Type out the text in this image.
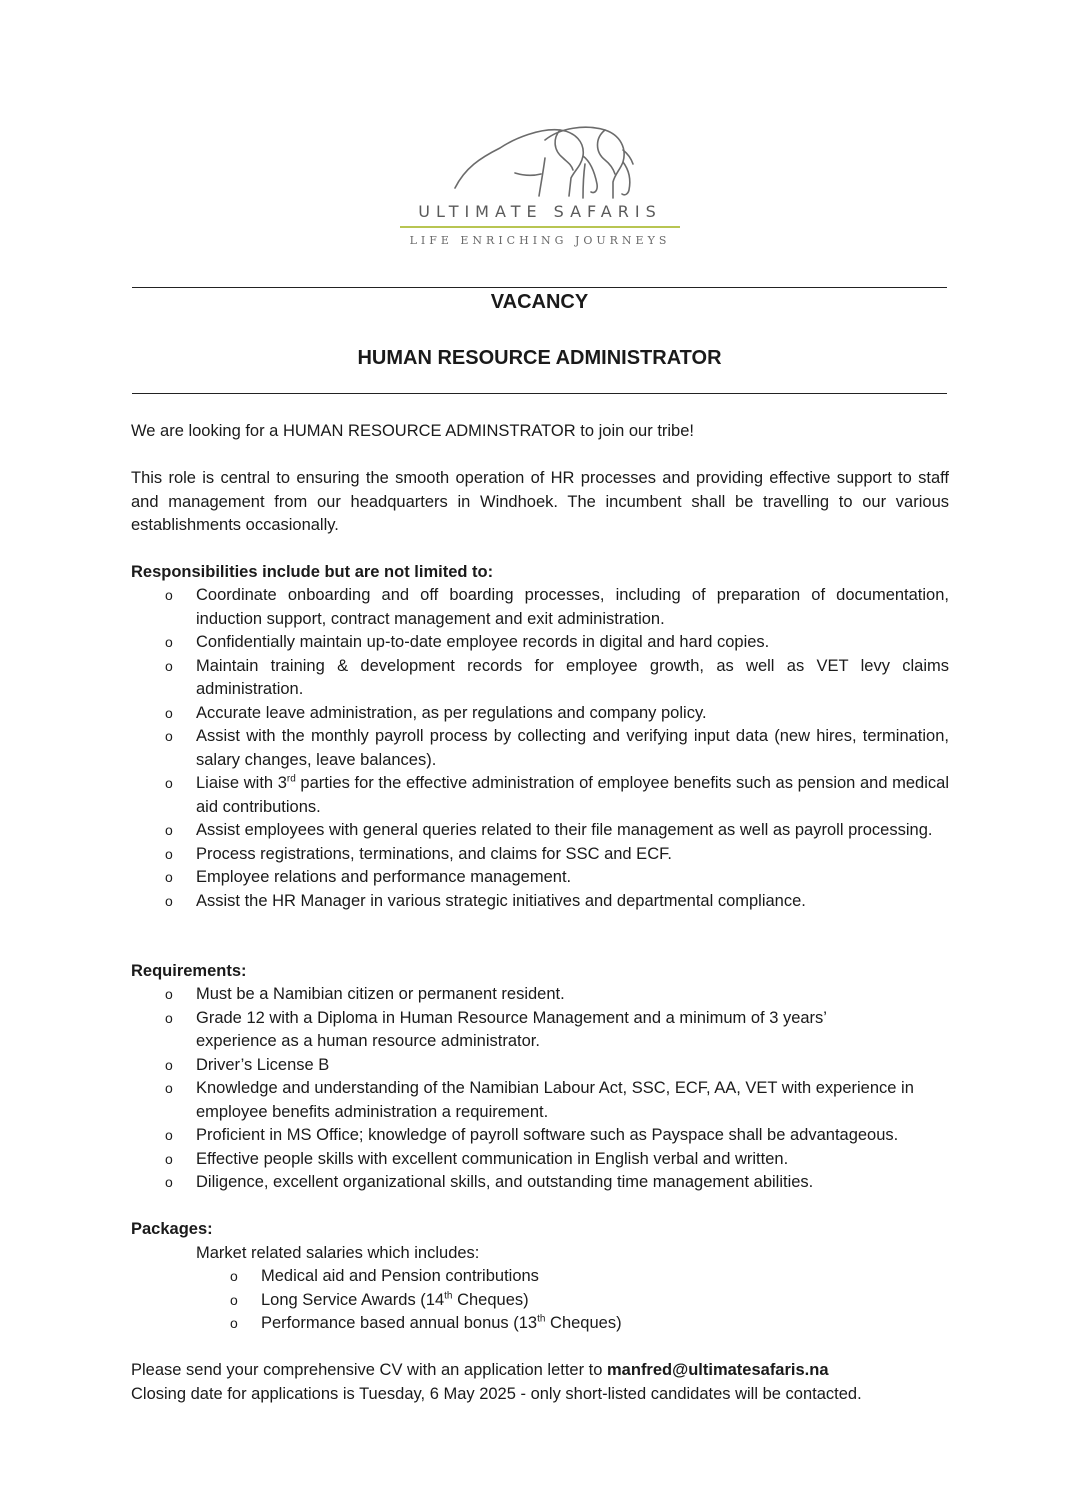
ULTIMATE SAFARIS
LIFE ENRICHING JOURNEYS
VACANCY
HUMAN RESOURCE ADMINISTRATOR

We are looking for a HUMAN RESOURCE ADMINSTRATOR to join our tribe!

This role is central to ensuring the smooth operation of HR processes and providing effective support to staff and management from our headquarters in Windhoek. The incumbent shall be travelling to our various establishments occasionally.

Responsibilities include but are not limited to:

o Coordinate onboarding and off boarding processes, including of preparation of documentation, induction support, contract management and exit administration.
o Confidentially maintain up-to-date employee records in digital and hard copies.
o Maintain training & development records for employee growth, as well as VET levy claims administration.
o Accurate leave administration, as per regulations and company policy.
o Assist with the monthly payroll process by collecting and verifying input data (new hires, termination, salary changes, leave balances).
o Liaise with 3rd parties for the effective administration of employee benefits such as pension and medical aid contributions.
o Assist employees with general queries related to their file management as well as payroll processing.
o Process registrations, terminations, and claims for SSC and ECF.
o Employee relations and performance management.
o Assist the HR Manager in various strategic initiatives and departmental compliance.

Requirements:

o Must be a Namibian citizen or permanent resident.
o Grade 12 with a Diploma in Human Resource Management and a minimum of 3 years’ experience as a human resource administrator.
o Driver’s License B
o Knowledge and understanding of the Namibian Labour Act, SSC, ECF, AA, VET with experience in employee benefits administration a requirement.
o Proficient in MS Office; knowledge of payroll software such as Payspace shall be advantageous.
o Effective people skills with excellent communication in English verbal and written.
o Diligence, excellent organizational skills, and outstanding time management abilities.

Packages:

Market related salaries which includes:

o Medical aid and Pension contributions
o Long Service Awards (14th Cheques)
o Performance based annual bonus (13th Cheques)

Please send your comprehensive CV with an application letter to manfred@ultimatesafaris.na

Closing date for applications is Tuesday, 6 May 2025 - only short-listed candidates will be contacted.
